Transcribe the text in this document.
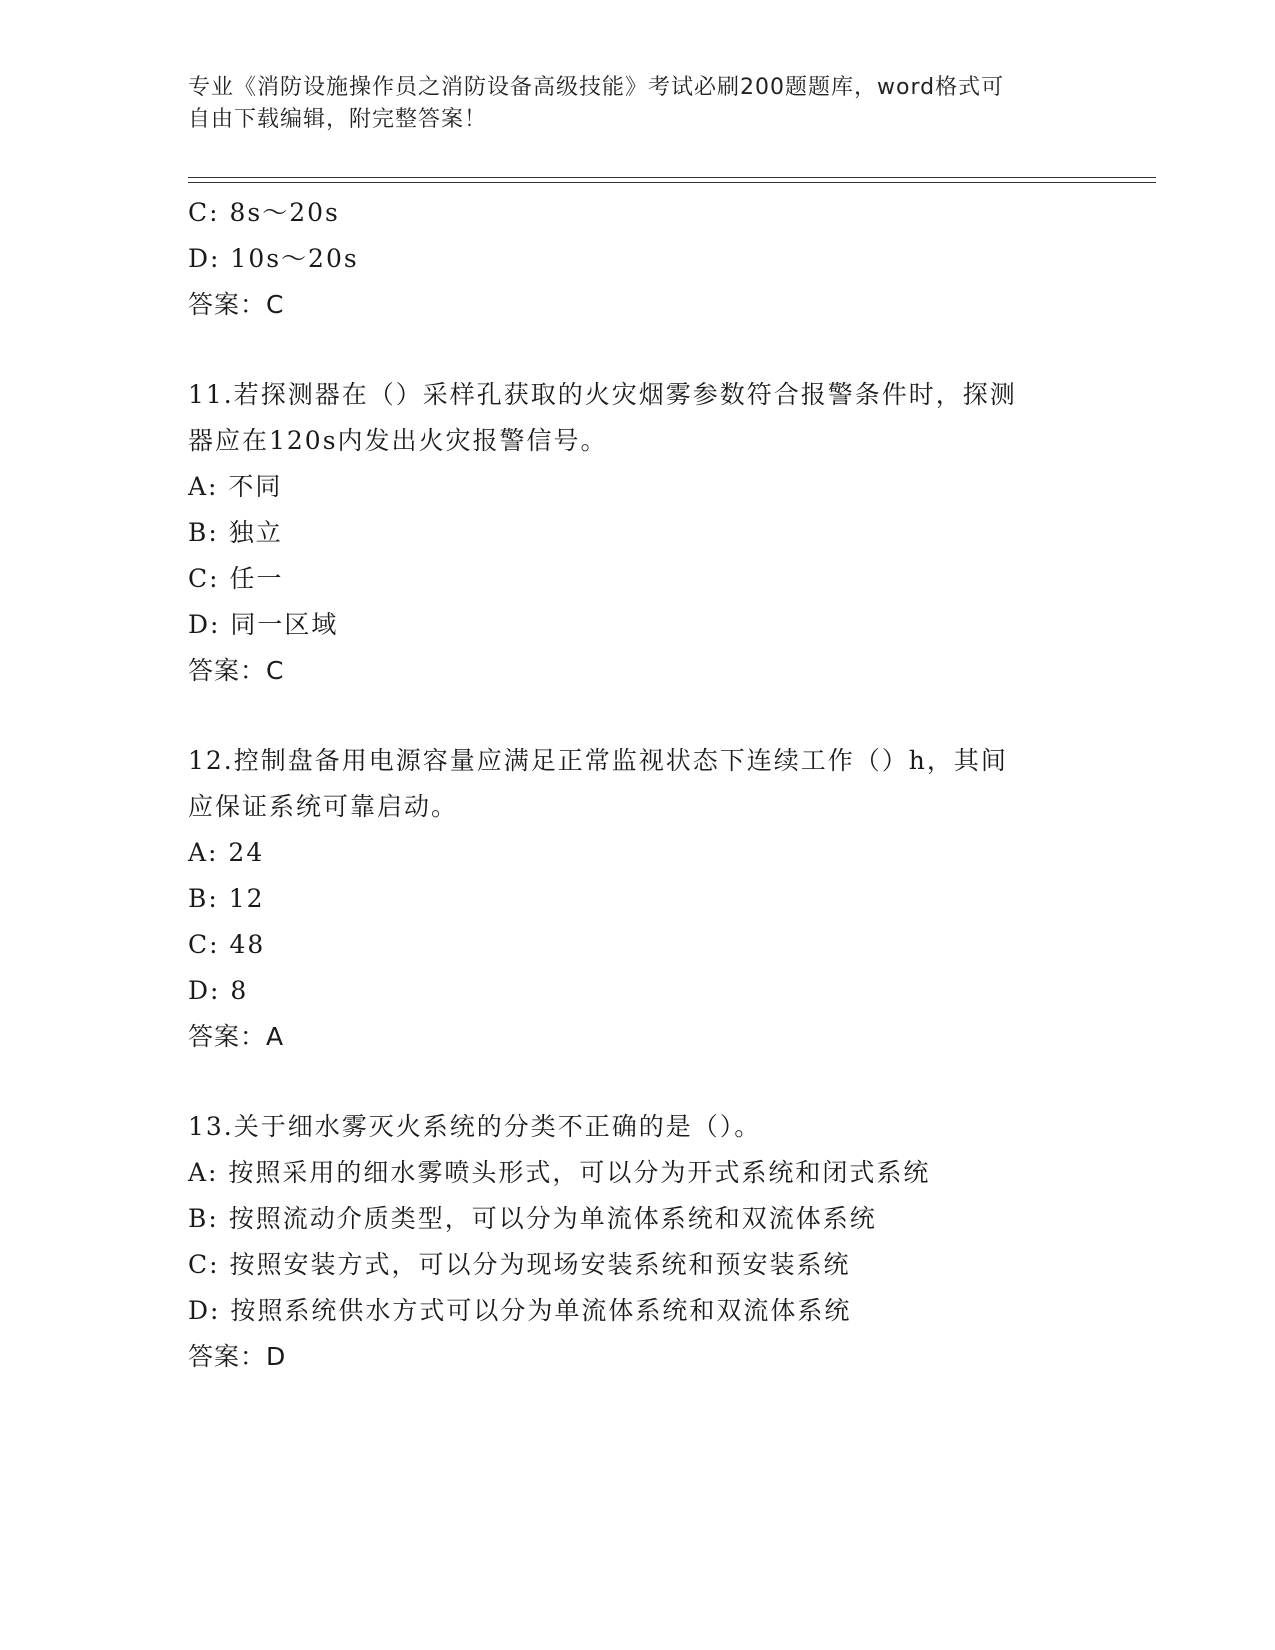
专业《消防设施操作员之消防设备高级技能》考试必刷200题题库，word格式可
自由下载编辑，附完整答案！
C: 8s～20s
D: 10s～20s
答案：C
11.若探测器在（）采样孔获取的火灾烟雾参数符合报警条件时，探测
器应在120s内发出火灾报警信号。
A: 不同
B: 独立
C: 任一
D: 同一区域
答案：C
12.控制盘备用电源容量应满足正常监视状态下连续工作（）h，其间
应保证系统可靠启动。
A: 24
B: 12
C: 48
D: 8
答案：A
13.关于细水雾灭火系统的分类不正确的是（）。
A: 按照采用的细水雾喷头形式，可以分为开式系统和闭式系统
B: 按照流动介质类型，可以分为单流体系统和双流体系统
C: 按照安装方式，可以分为现场安装系统和预安装系统
D: 按照系统供水方式可以分为单流体系统和双流体系统
答案：D
